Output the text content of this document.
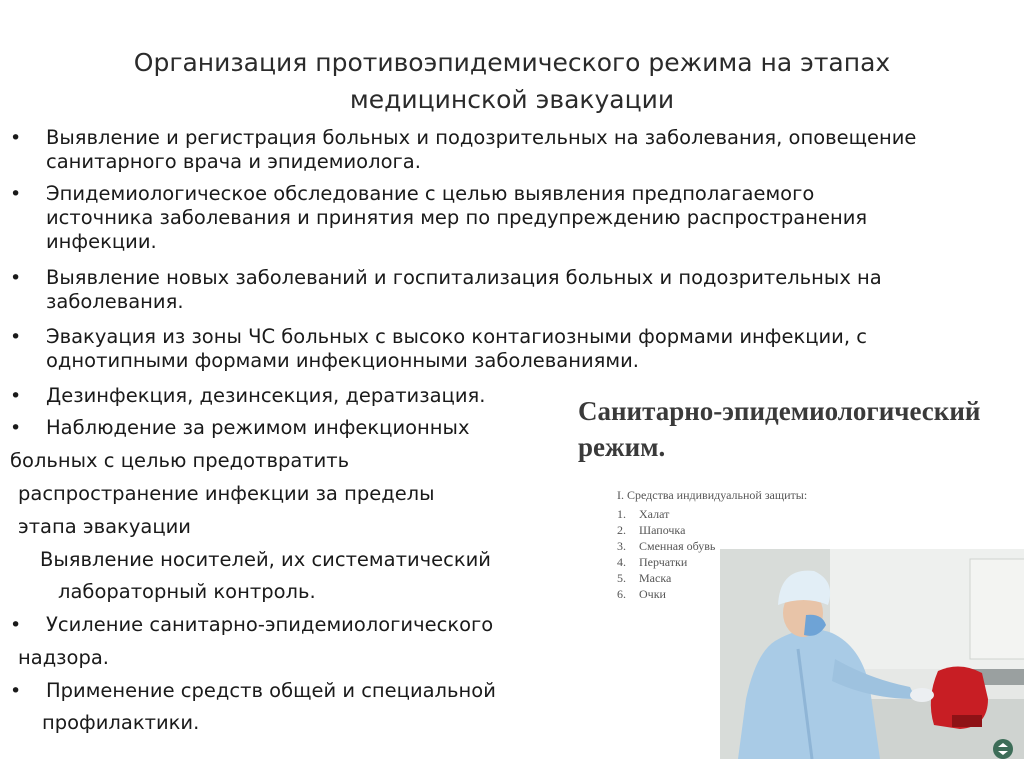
Организация противоэпидемического режима на этапах
медицинской эвакуации
• Выявление и регистрация больных и подозрительных на заболевания, оповещение
санитарного врача и эпидемиолога.
• Эпидемиологическое обследование с целью выявления предполагаемого
источника заболевания и принятия мер по предупреждению распространения
инфекции.
• Выявление новых заболеваний и госпитализация больных и подозрительных на
заболевания.
• Эвакуация из зоны ЧС больных с высоко контагиозными формами инфекции, с
однотипными формами инфекционными заболеваниями.
• Дезинфекция, дезинсекция, дератизация.
• Наблюдение за режимом инфекционных
больных с целью предотвратить
распространение инфекции за пределы
этапа эвакуации
Выявление носителей, их систематический
лабораторный контроль.
• Усиление санитарно-эпидемиологического
надзора.
• Применение средств общей и специальной
профилактики.
Санитарно-эпидемиологический
режим.
I. Средства индивидуальной защиты:
1. Халат
2. Шапочка
3. Сменная обувь
4. Перчатки
5. Маска
6. Очки
